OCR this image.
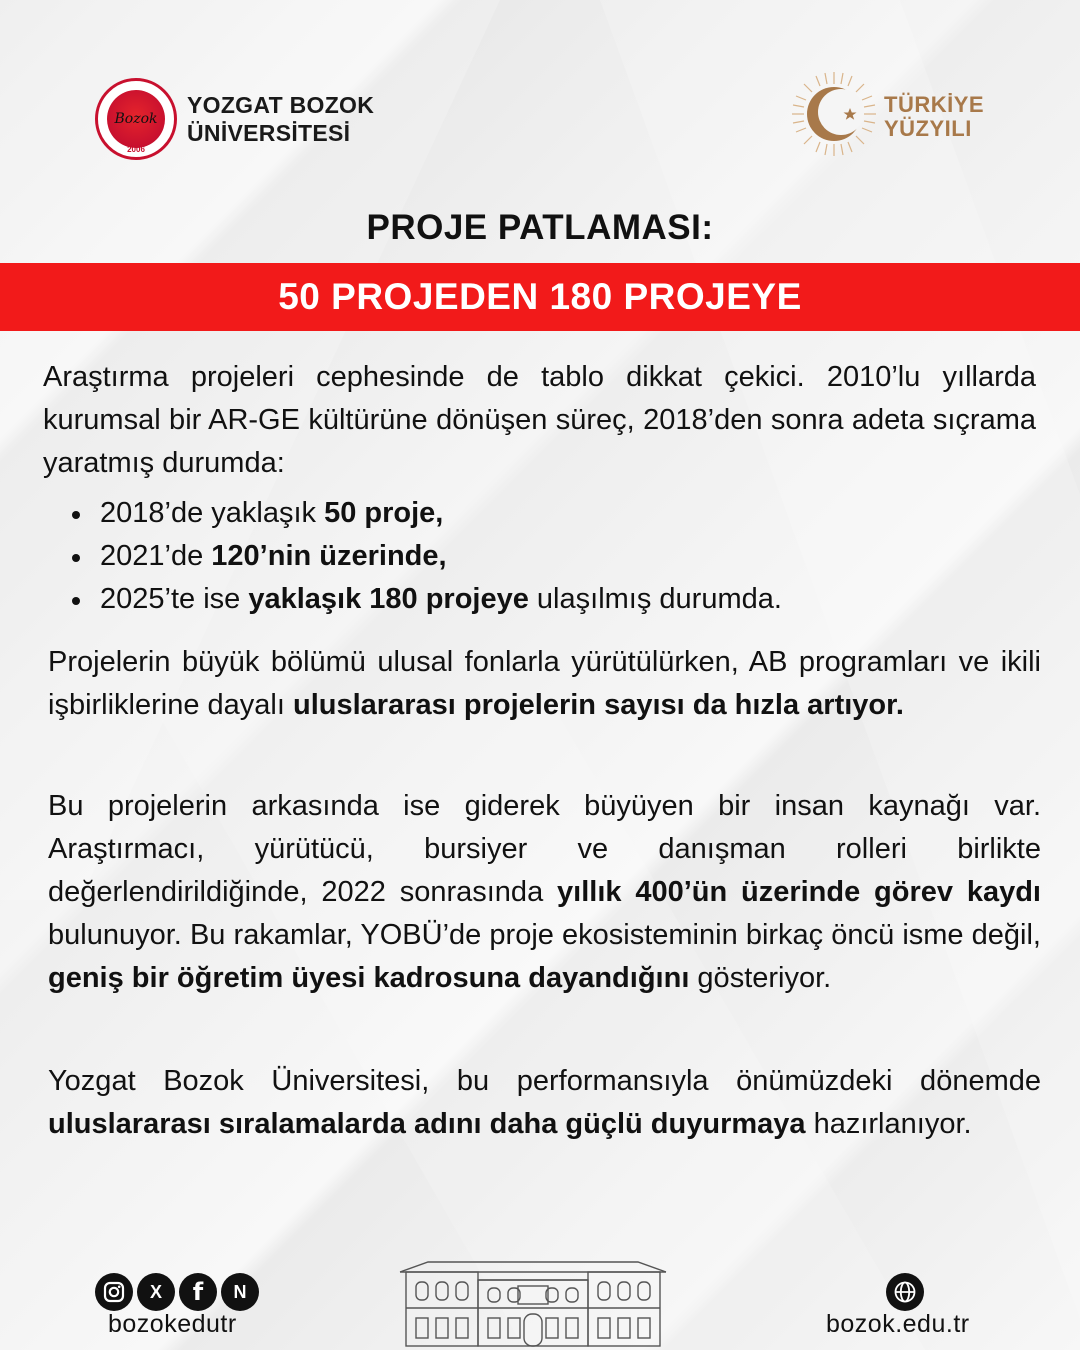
Bozok
2006
YOZGAT BOZOK
ÜNİVERSİTESİ
TÜRKİYE
YÜZYILI
PROJE PATLAMASI:
50 PROJEDEN 180 PROJEYE

Araştırma projeleri cephesinde de tablo dikkat çekici. 2010’lu yıllarda kurumsal bir AR-GE kültürüne dönüşen süreç, 2018’den sonra adeta sıçrama yaratmış durumda:

2018’de yaklaşık 50 proje,
2021’de 120’nin üzerinde,
2025’te ise yaklaşık 180 projeye ulaşılmış durumda.

Projelerin büyük bölümü ulusal fonlarla yürütülürken, AB programları ve ikili işbirliklerine dayalı uluslararası projelerin sayısı da hızla artıyor.

Bu projelerin arkasında ise giderek büyüyen bir insan kaynağı var. Araştırmacı, yürütücü, bursiyer ve danışman rolleri birlikte değerlendirildiğinde, 2022 sonrasında yıllık 400’ün üzerinde görev kaydı bulunuyor. Bu rakamlar, YOBÜ’de proje ekosisteminin birkaç öncü isme değil, geniş bir öğretim üyesi kadrosuna dayandığını gösteriyor.

Yozgat Bozok Üniversitesi, bu performansıyla önümüzdeki dönemde uluslararası sıralamalarda adını daha güçlü duyurmaya hazırlanıyor.

X	f	N
bozokedutr	bozok.edu.tr
